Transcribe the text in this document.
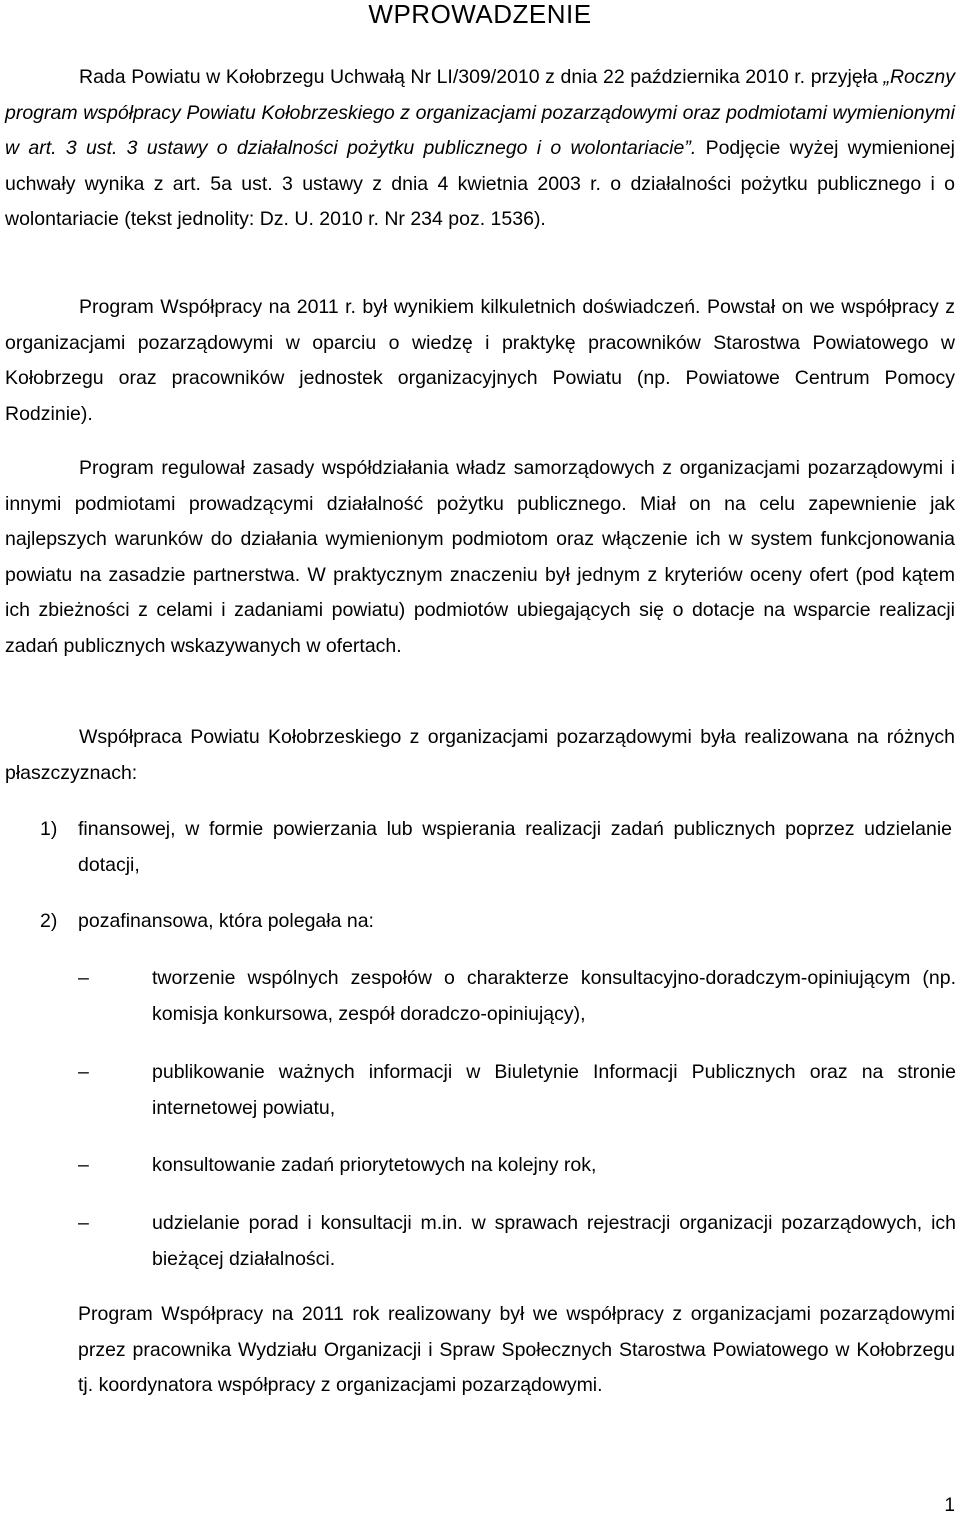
WPROWADZENIE

Rada Powiatu w Kołobrzegu Uchwałą Nr LI/309/2010 z dnia 22 października 2010 r. przyjęła „Roczny program współpracy Powiatu Kołobrzeskiego z organizacjami pozarządowymi oraz podmiotami wymienionymi w art. 3 ust. 3 ustawy o działalności pożytku publicznego i o wolontariacie”. Podjęcie wyżej wymienionej uchwały wynika z art. 5a ust. 3 ustawy z dnia 4 kwietnia 2003 r. o działalności pożytku publicznego i o wolontariacie (tekst jednolity: Dz. U. 2010 r. Nr 234 poz. 1536).

Program Współpracy na 2011 r. był wynikiem kilkuletnich doświadczeń. Powstał on we współpracy z organizacjami pozarządowymi w oparciu o wiedzę i praktykę pracowników Starostwa Powiatowego w Kołobrzegu oraz pracowników jednostek organizacyjnych Powiatu (np. Powiatowe Centrum Pomocy Rodzinie).

Program regulował zasady współdziałania władz samorządowych z organizacjami pozarządowymi i innymi podmiotami prowadzącymi działalność pożytku publicznego. Miał on na celu zapewnienie jak najlepszych warunków do działania wymienionym podmiotom oraz włączenie ich w system funkcjonowania powiatu na zasadzie partnerstwa. W praktycznym znaczeniu był jednym z kryteriów oceny ofert (pod kątem ich zbieżności z celami i zadaniami powiatu) podmiotów ubiegających się o dotacje na wsparcie realizacji zadań publicznych wskazywanych w ofertach.

Współpraca Powiatu Kołobrzeskiego z organizacjami pozarządowymi była realizowana na różnych płaszczyznach:

1) finansowej, w formie powierzania lub wspierania realizacji zadań publicznych poprzez udzielanie dotacji,
2) pozafinansowa, która polegała na:
–	tworzenie wspólnych zespołów o charakterze konsultacyjno-doradczym-opiniującym (np. komisja konkursowa, zespół doradczo-opiniujący),
–	publikowanie ważnych informacji w Biuletynie Informacji Publicznych oraz na stronie internetowej powiatu,
–	konsultowanie zadań priorytetowych na kolejny rok,
–	udzielanie porad i konsultacji m.in. w sprawach rejestracji organizacji pozarządowych, ich bieżącej działalności.

Program Współpracy na 2011 rok realizowany był we współpracy z organizacjami pozarządowymi przez pracownika Wydziału Organizacji i Spraw Społecznych Starostwa Powiatowego w Kołobrzegu tj. koordynatora współpracy z organizacjami pozarządowymi.

1
